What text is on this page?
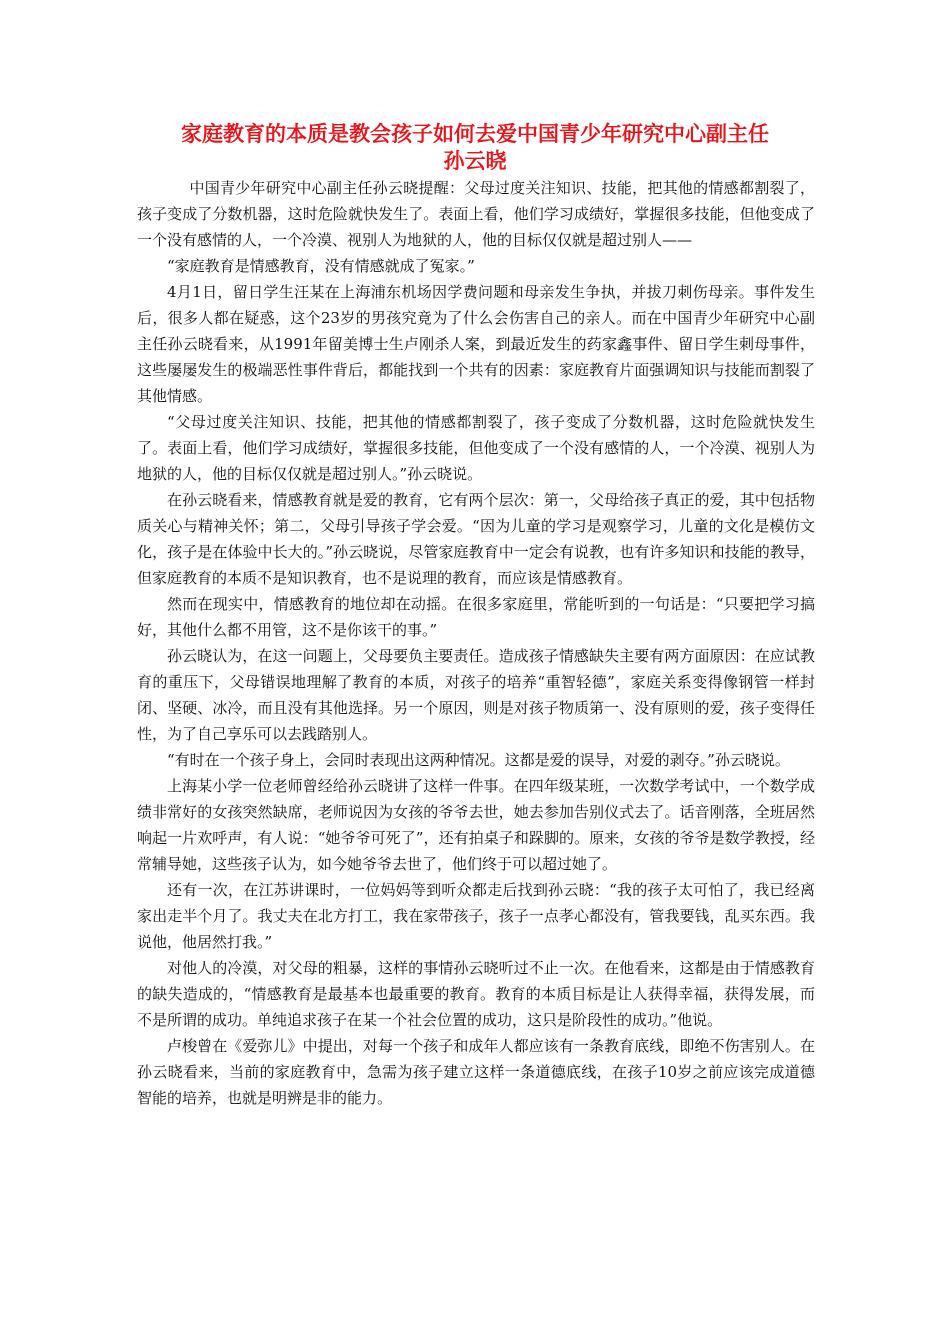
家庭教育的本质是教会孩子如何去爱中国青少年研究中心副主任
孙云晓

中国青少年研究中心副主任孙云晓提醒：父母过度关注知识、技能，把其他的情感都割裂了，孩子变成了分数机器，这时危险就快发生了。表面上看，他们学习成绩好，掌握很多技能，但他变成了一个没有感情的人，一个冷漠、视别人为地狱的人，他的目标仅仅就是超过别人——

“家庭教育是情感教育，没有情感就成了冤家。”

4月1日，留日学生汪某在上海浦东机场因学费问题和母亲发生争执，并拔刀刺伤母亲。事件发生后，很多人都在疑惑，这个23岁的男孩究竟为了什么会伤害自己的亲人。而在中国青少年研究中心副主任孙云晓看来，从1991年留美博士生卢刚杀人案，到最近发生的药家鑫事件、留日学生刺母事件，这些屡屡发生的极端恶性事件背后，都能找到一个共有的因素：家庭教育片面强调知识与技能而割裂了其他情感。

“父母过度关注知识、技能，把其他的情感都割裂了，孩子变成了分数机器，这时危险就快发生了。表面上看，他们学习成绩好，掌握很多技能，但他变成了一个没有感情的人，一个冷漠、视别人为地狱的人，他的目标仅仅就是超过别人。”孙云晓说。

在孙云晓看来，情感教育就是爱的教育，它有两个层次：第一，父母给孩子真正的爱，其中包括物质关心与精神关怀；第二，父母引导孩子学会爱。“因为儿童的学习是观察学习，儿童的文化是模仿文化，孩子是在体验中长大的。”孙云晓说，尽管家庭教育中一定会有说教，也有许多知识和技能的教导，但家庭教育的本质不是知识教育，也不是说理的教育，而应该是情感教育。

然而在现实中，情感教育的地位却在动摇。在很多家庭里，常能听到的一句话是：“只要把学习搞好，其他什么都不用管，这不是你该干的事。”

孙云晓认为，在这一问题上，父母要负主要责任。造成孩子情感缺失主要有两方面原因：在应试教育的重压下，父母错误地理解了教育的本质，对孩子的培养“重智轻德”，家庭关系变得像钢管一样封闭、坚硬、冰冷，而且没有其他选择。另一个原因，则是对孩子物质第一、没有原则的爱，孩子变得任性，为了自己享乐可以去践踏别人。

“有时在一个孩子身上，会同时表现出这两种情况。这都是爱的误导，对爱的剥夺。”孙云晓说。

上海某小学一位老师曾经给孙云晓讲了这样一件事。在四年级某班，一次数学考试中，一个数学成绩非常好的女孩突然缺席，老师说因为女孩的爷爷去世，她去参加告别仪式去了。话音刚落，全班居然响起一片欢呼声，有人说：“她爷爷可死了”，还有拍桌子和跺脚的。原来，女孩的爷爷是数学教授，经常辅导她，这些孩子认为，如今她爷爷去世了，他们终于可以超过她了。

还有一次，在江苏讲课时，一位妈妈等到听众都走后找到孙云晓：“我的孩子太可怕了，我已经离家出走半个月了。我丈夫在北方打工，我在家带孩子，孩子一点孝心都没有，管我要钱，乱买东西。我说他，他居然打我。”

对他人的冷漠，对父母的粗暴，这样的事情孙云晓听过不止一次。在他看来，这都是由于情感教育的缺失造成的，“情感教育是最基本也最重要的教育。教育的本质目标是让人获得幸福，获得发展，而不是所谓的成功。单纯追求孩子在某一个社会位置的成功，这只是阶段性的成功。”他说。

卢梭曾在《爱弥儿》中提出，对每一个孩子和成年人都应该有一条教育底线，即绝不伤害别人。在孙云晓看来，当前的家庭教育中，急需为孩子建立这样一条道德底线，在孩子10岁之前应该完成道德智能的培养，也就是明辨是非的能力。
